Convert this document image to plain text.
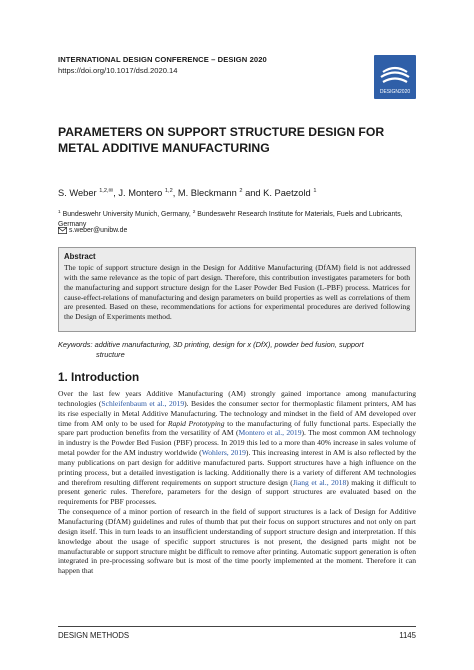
INTERNATIONAL DESIGN CONFERENCE – DESIGN 2020
https://doi.org/10.1017/dsd.2020.14
DESIGN2020
PARAMETERS ON SUPPORT STRUCTURE DESIGN FOR METAL ADDITIVE MANUFACTURING
S. Weber $^{1,2,✉}$, J. Montero $^{1,2}$, M. Bleckmann $^2$ and K. Paetzold $^1$
$^1$ Bundeswehr University Munich, Germany, $^2$ Bundeswehr Research Institute for Materials, Fuels and Lubricants, Germany
s.weber@unibw.de
Abstract
The topic of support structure design in the Design for Additive Manufacturing (DfAM) field is not addressed with the same relevance as the topic of part design. Therefore, this contribution investigates parameters for both the manufacturing and support structure design for the Laser Powder Bed Fusion (L-PBF) process. Matrices for cause-effect-relations of manufacturing and design parameters on build properties as well as correlations of them are presented. Based on these, recommendations for actions for experimental procedures are derived following the Design of Experiments method.
Keywords: additive manufacturing, 3D printing, design for x (DfX), powder bed fusion, support
structure
1. Introduction

Over the last few years Additive Manufacturing (AM) strongly gained importance among manufacturing technologies (Schleifenbaum et al., 2019). Besides the consumer sector for thermoplastic filament printers, AM has its rise especially in Metal Additive Manufacturing. The technology and mindset in the field of AM developed over time from AM only to be used for Rapid Prototyping to the manufacturing of fully functional parts. Especially the spare part production benefits from the versatility of AM (Montero et al., 2019). The most common AM technology in industry is the Powder Bed Fusion (PBF) process. In 2019 this led to a more than 40% increase in sales volume of metal powder for the AM industry worldwide (Wohlers, 2019). This increasing interest in AM is also reflected by the many publications on part design for additive manufactured parts. Support structures have a high influence on the printing process, but a detailed investigation is lacking. Additionally there is a variety of different AM technologies and therefrom resulting different requirements on support structure design (Jiang et al., 2018) making it difficult to present generic rules. Therefore, parameters for the design of support structures are evaluated based on the requirements for PBF processes.

The consequence of a minor portion of research in the field of support structures is a lack of Design for Additive Manufacturing (DfAM) guidelines and rules of thumb that put their focus on support structures and not only on part design itself. This in turn leads to an insufficient understanding of support structure design and interpretation. If this knowledge about the usage of specific support structures is not present, the designed parts might not be manufacturable or support structure might be difficult to remove after printing. Automatic support generation is often integrated in pre-processing software but is most of the time poorly implemented at the moment. Therefore it can happen that

DESIGN METHODS	1145
